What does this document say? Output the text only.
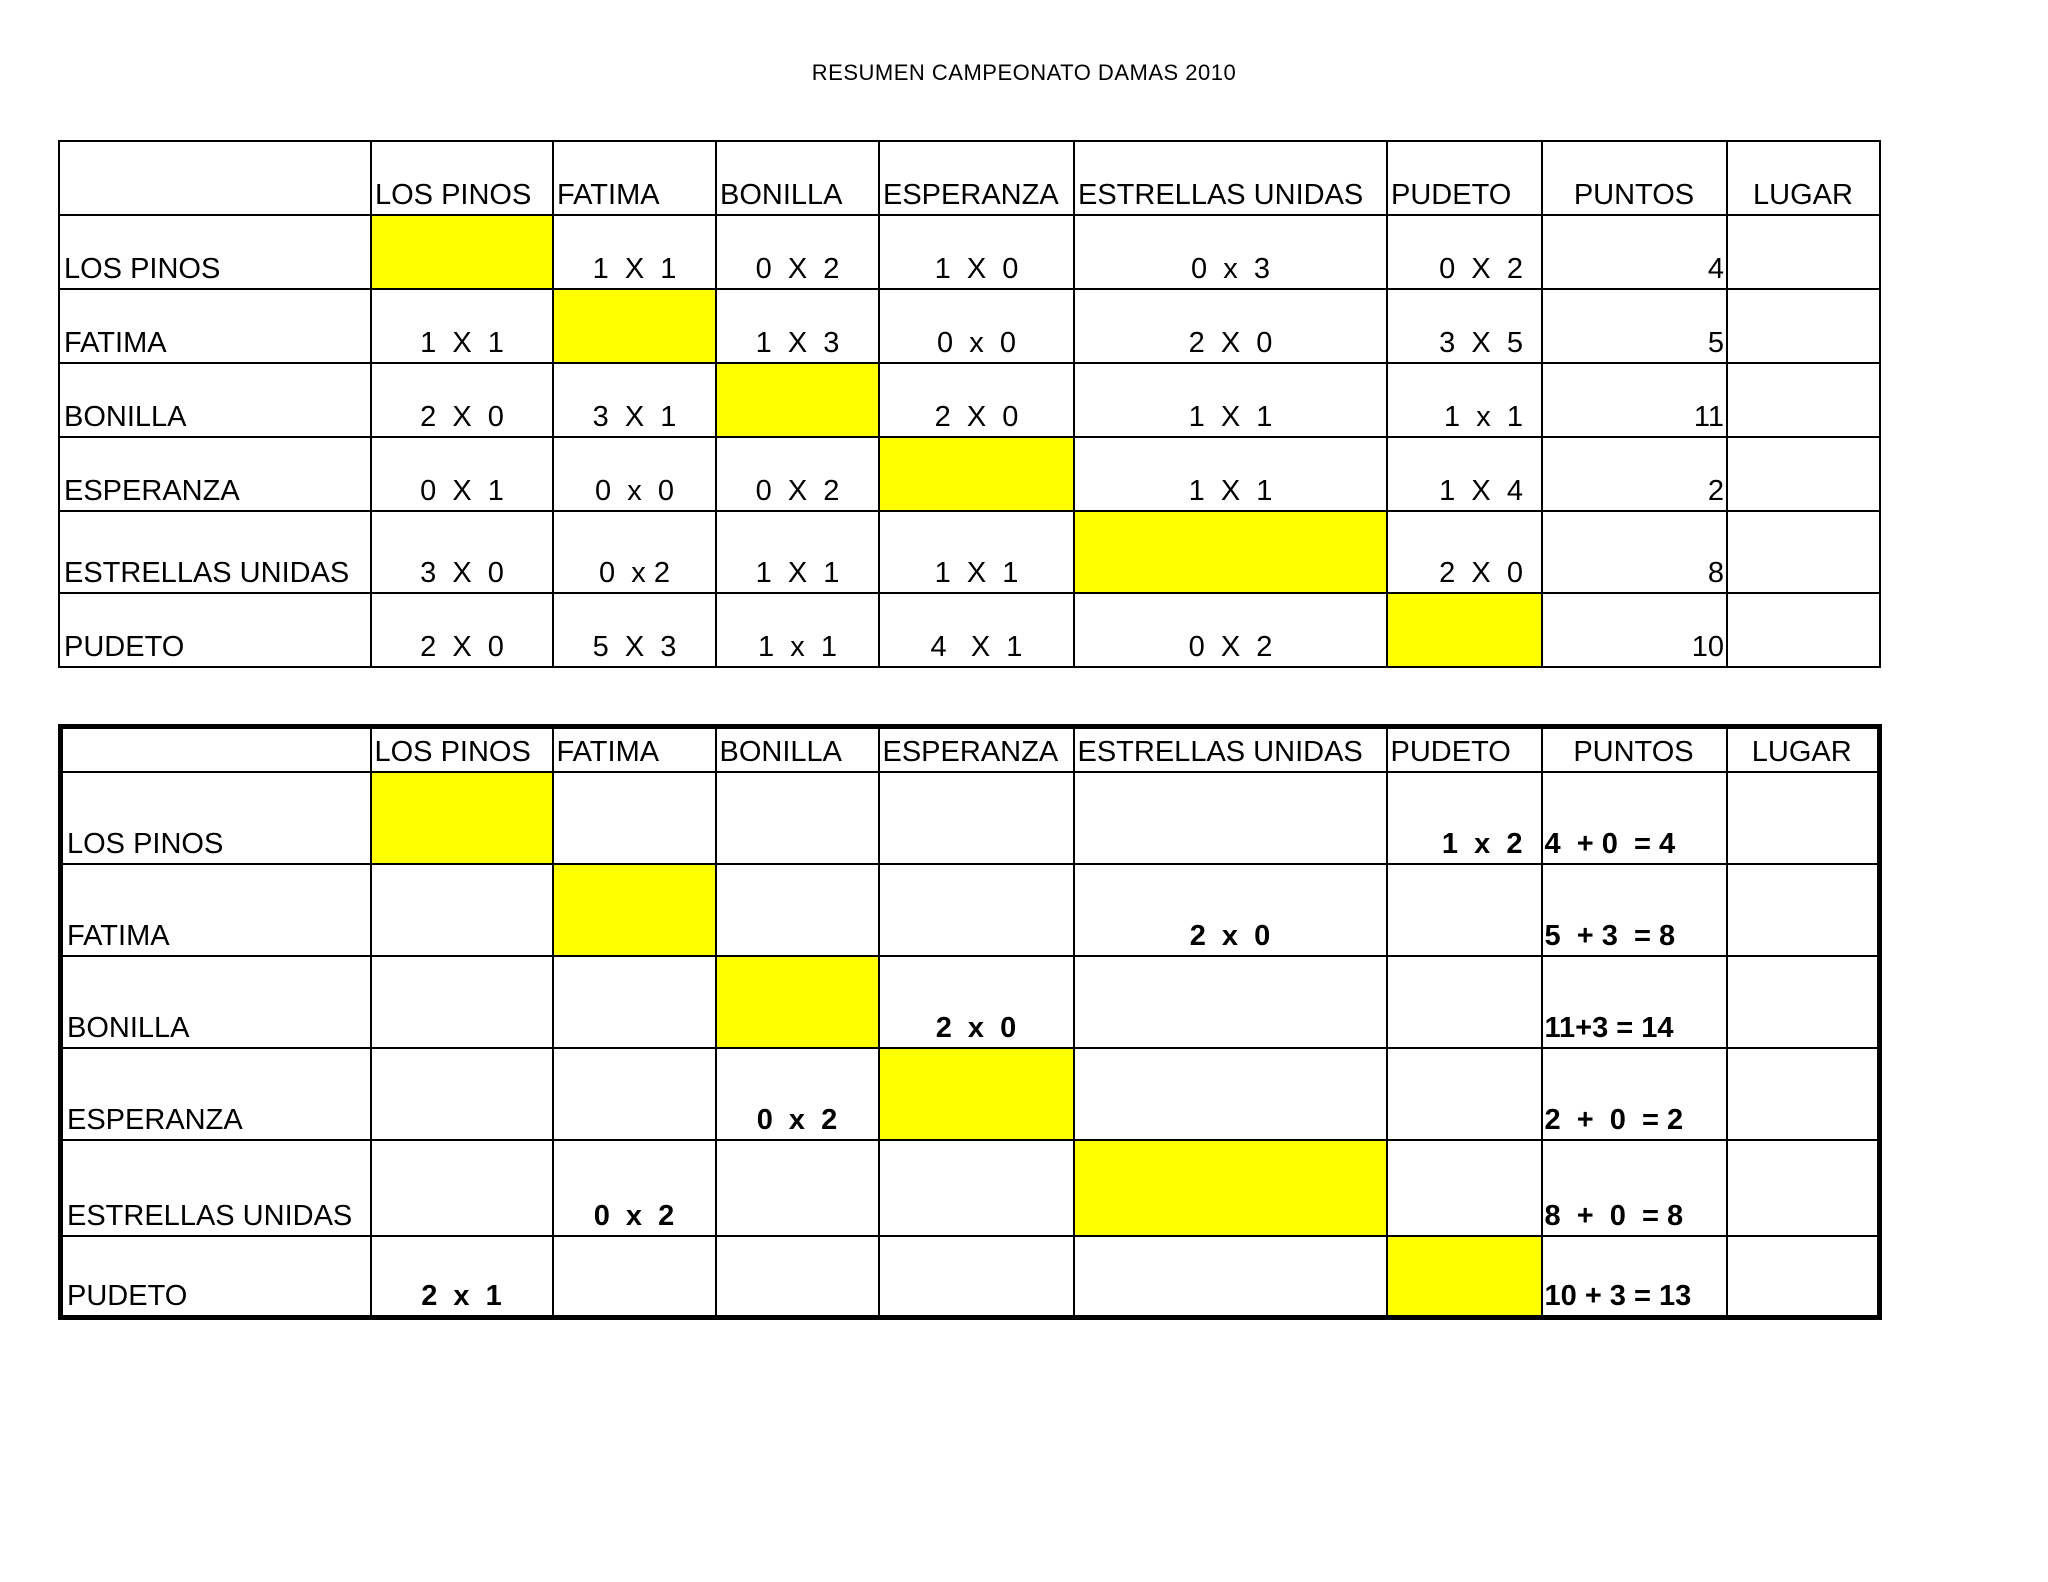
RESUMEN CAMPEONATO DAMAS 2010
	LOS PINOS	FATIMA	BONILLA	ESPERANZA	ESTRELLAS UNIDAS	PUDETO	PUNTOS	LUGAR
LOS PINOS		1  X  1	0  X  2	1  X  0	0  x  3	0  X  2	4	
FATIMA	1  X  1		1  X  3	0  x  0	2  X  0	3  X  5	5	
BONILLA	2  X  0	3  X  1		2  X  0	1  X  1	1  x  1	11	
ESPERANZA	0  X  1	0  x  0	0  X  2		1  X  1	1  X  4	2	
ESTRELLAS UNIDAS	3  X  0	0  x 2	1  X  1	1  X  1		2  X  0	8	
PUDETO	2  X  0	5  X  3	1  x  1	4   X  1	0  X  2		10	
	LOS PINOS	FATIMA	BONILLA	ESPERANZA	ESTRELLAS UNIDAS	PUDETO	PUNTOS	LUGAR
LOS PINOS						1  x  2	4  + 0  = 4	
FATIMA					2  x  0		5  + 3  = 8	
BONILLA				2  x  0			11+3 = 14	
ESPERANZA			0  x  2				2  +  0  = 2	
ESTRELLAS UNIDAS		0  x  2					8  +  0  = 8	
PUDETO	2  x  1						10 + 3 = 13	
